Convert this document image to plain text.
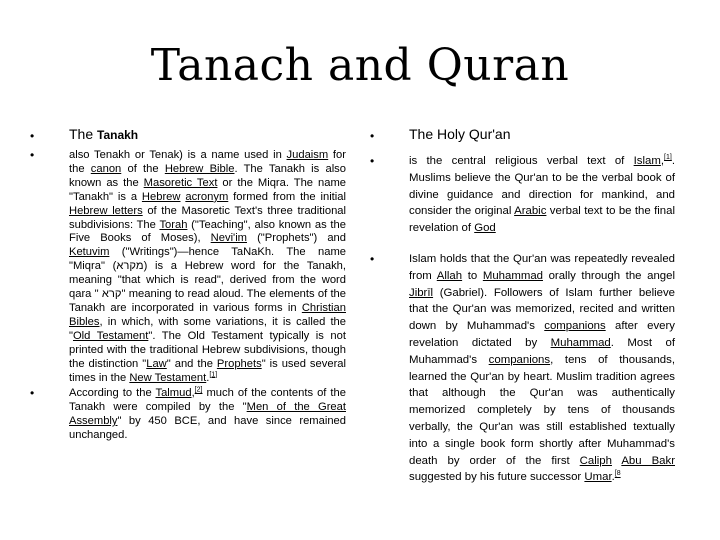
Tanach and Quran
• The Tanakh
•	also Tenakh or Tenak) is a name used in Judaism for the canon of the Hebrew Bible. The Tanakh is also known as the Masoretic Text or the Miqra. The name "Tanakh" is a Hebrew acronym formed from the initial Hebrew letters of the Masoretic Text's three traditional subdivisions: The Torah ("Teaching", also known as the Five Books of Moses), Nevi'im ("Prophets") and Ketuvim ("Writings")—hence TaNaKh. The name "Miqra" (מקרא) is a Hebrew word for the Tanakh, meaning "that which is read", derived from the word qara " קרא" meaning to read aloud. The elements of the Tanakh are incorporated in various forms in Christian Bibles, in which, with some variations, it is called the "Old Testament". The Old Testament typically is not printed with the traditional Hebrew subdivisions, though the distinction "Law" and the Prophets" is used several times in the New Testament.[1]
•	According to the Talmud,[2] much of the contents of the Tanakh were compiled by the "Men of the Great Assembly" by 450 BCE, and have since remained unchanged.
• The Holy Qur'an
•	is the central religious verbal text of Islam,[1]. Muslims believe the Qur'an to be the verbal book of divine guidance and direction for mankind, and consider the original Arabic verbal text to be the final revelation of God
•	Islam holds that the Qur'an was repeatedly revealed from Allah to Muhammad orally through the angel Jibrīl (Gabriel). Followers of Islam further believe that the Qur'an was memorized, recited and written down by Muhammad's companions after every revelation dictated by Muhammad. Most of Muhammad's companions, tens of thousands, learned the Qur'an by heart. Muslim tradition agrees that although the Qur'an was authentically memorized completely by tens of thousands verbally, the Qur'an was still established textually into a single book form shortly after Muhammad's death by order of the first Caliph Abu Bakr suggested by his future successor Umar.$^{[8}$
